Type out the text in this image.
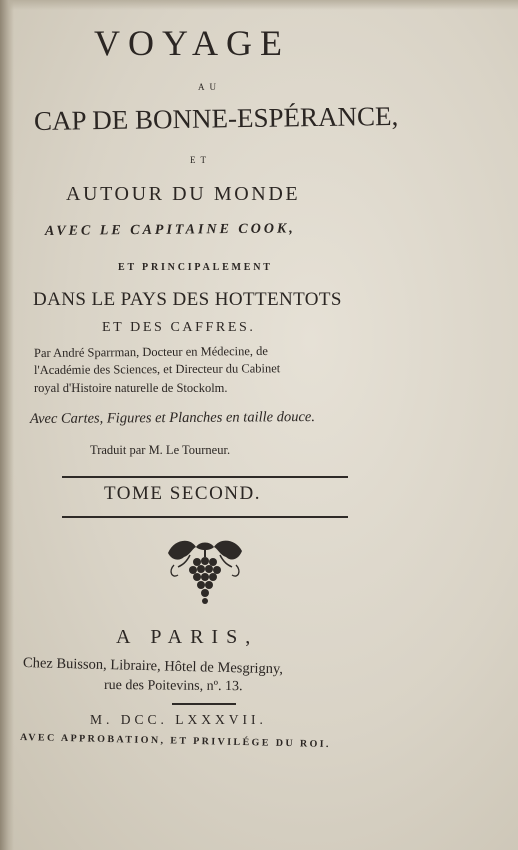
VOYAGE
AU
CAP DE BONNE-ESPÉRANCE,
ET
AUTOUR DU MONDE
AVEC LE CAPITAINE COOK,
ET PRINCIPALEMENT
DANS LE PAYS DES HOTTENTOTS
ET DES CAFFRES.
Par André Sparrman, Docteur en Médecine, de
l'Académie des Sciences, et Directeur du Cabinet
royal d'Histoire naturelle de Stockolm.
Avec Cartes, Figures et Planches en taille douce.
Traduit par M. Le Tourneur.
TOME SECOND.
A PARIS,
Chez Buisson, Libraire, Hôtel de Mesgrigny,
rue des Poitevins, nº. 13.
M. DCC. LXXXVII.
AVEC APPROBATION, ET PRIVILÉGE DU ROI.
